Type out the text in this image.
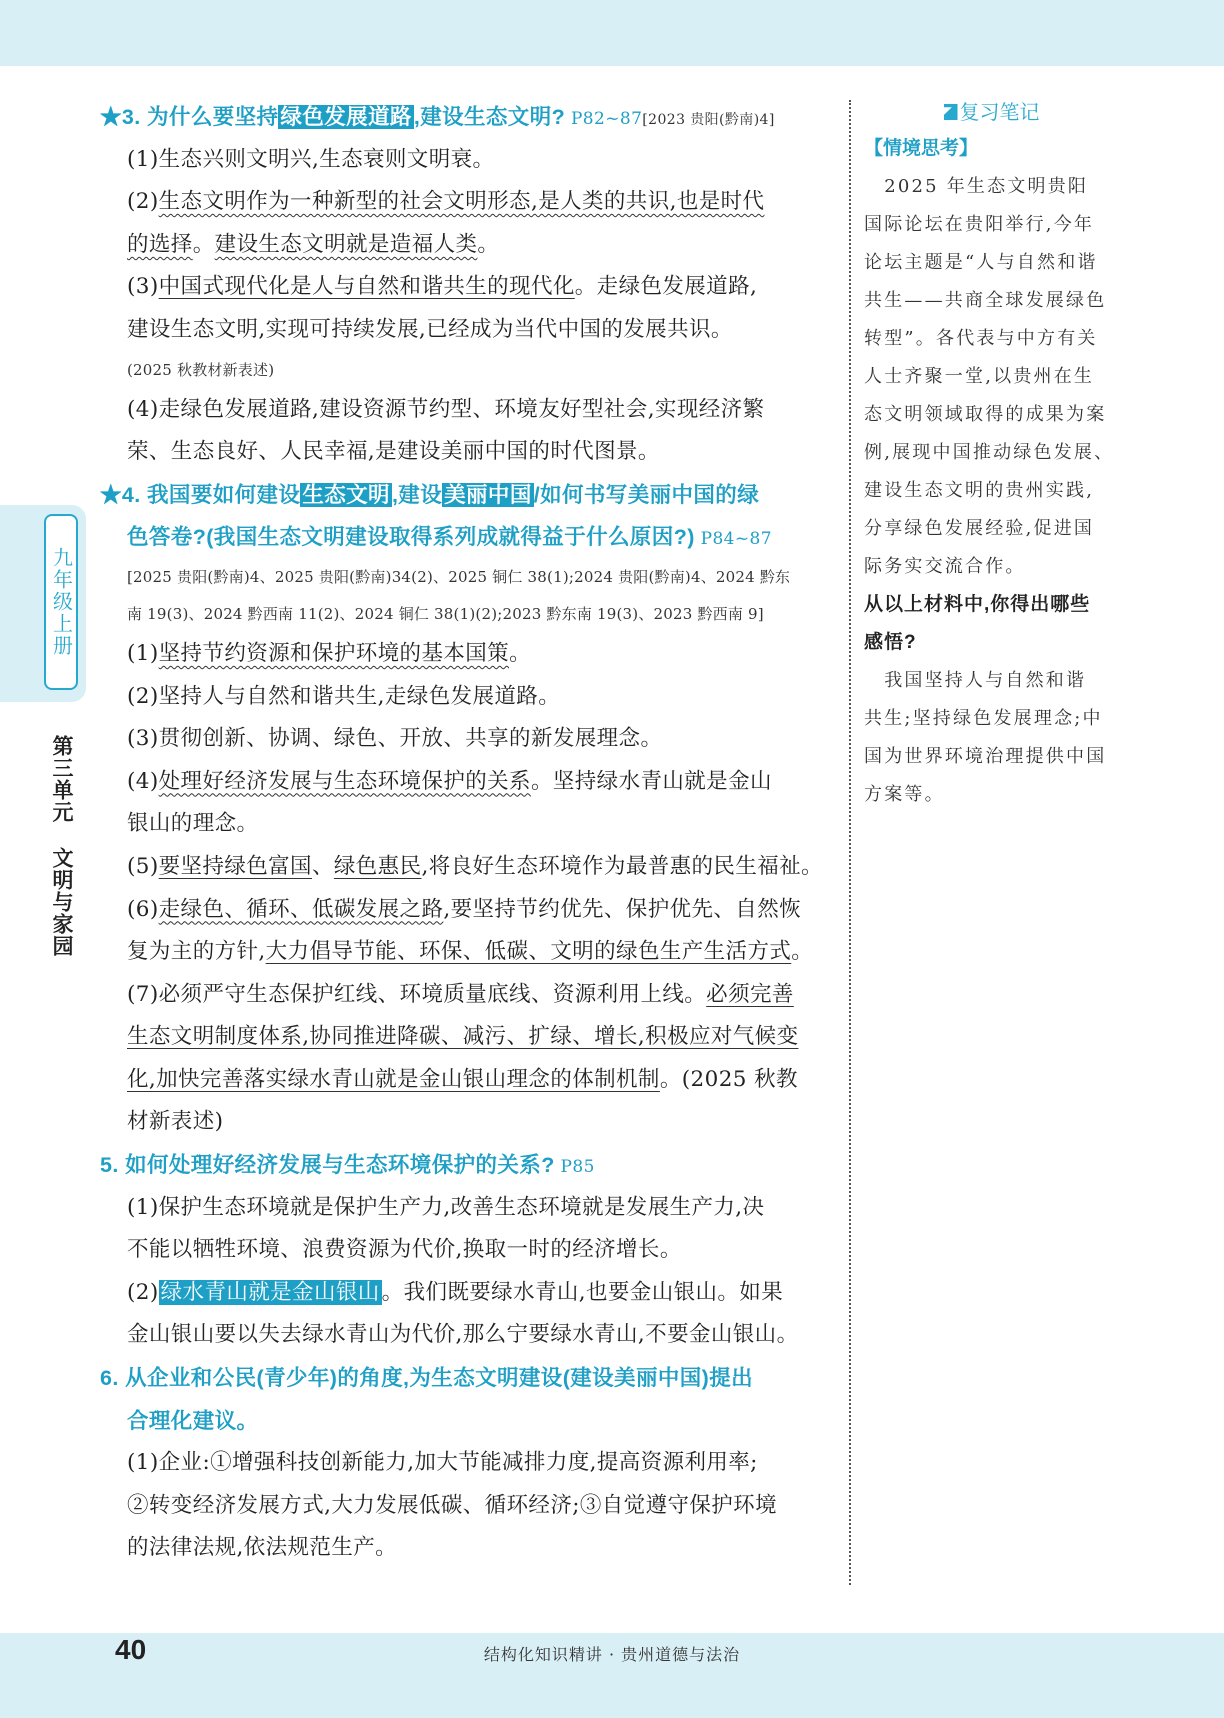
九年级上册
第三单元 文明与家园
★3. 为什么要坚持绿色发展道路,建设生态文明? P82~87[2023 贵阳(黔南)4]
(1)生态兴则文明兴,生态衰则文明衰。
(2)生态文明作为一种新型的社会文明形态,是人类的共识,也是时代
的选择。建设生态文明就是造福人类。
(3)中国式现代化是人与自然和谐共生的现代化。走绿色发展道路,
建设生态文明,实现可持续发展,已经成为当代中国的发展共识。
(2025 秋教材新表述)
(4)走绿色发展道路,建设资源节约型、环境友好型社会,实现经济繁
荣、生态良好、人民幸福,是建设美丽中国的时代图景。
★4. 我国要如何建设生态文明,建设美丽中国/如何书写美丽中国的绿
色答卷?(我国生态文明建设取得系列成就得益于什么原因?) P84~87
[2025 贵阳(黔南)4、2025 贵阳(黔南)34(2)、2025 铜仁 38(1);2024 贵阳(黔南)4、2024 黔东
南 19(3)、2024 黔西南 11(2)、2024 铜仁 38(1)(2);2023 黔东南 19(3)、2023 黔西南 9]
(1)坚持节约资源和保护环境的基本国策。
(2)坚持人与自然和谐共生,走绿色发展道路。
(3)贯彻创新、协调、绿色、开放、共享的新发展理念。
(4)处理好经济发展与生态环境保护的关系。坚持绿水青山就是金山
银山的理念。
(5)要坚持绿色富国、绿色惠民,将良好生态环境作为最普惠的民生福祉。
(6)走绿色、循环、低碳发展之路,要坚持节约优先、保护优先、自然恢
复为主的方针,大力倡导节能、环保、低碳、文明的绿色生产生活方式。
(7)必须严守生态保护红线、环境质量底线、资源利用上线。必须完善
生态文明制度体系,协同推进降碳、减污、扩绿、增长,积极应对气候变
化,加快完善落实绿水青山就是金山银山理念的体制机制。(2025 秋教
材新表述)
5. 如何处理好经济发展与生态环境保护的关系? P85
(1)保护生态环境就是保护生产力,改善生态环境就是发展生产力,决
不能以牺牲环境、浪费资源为代价,换取一时的经济增长。
(2)绿水青山就是金山银山。我们既要绿水青山,也要金山银山。如果
金山银山要以失去绿水青山为代价,那么宁要绿水青山,不要金山银山。
6. 从企业和公民(青少年)的角度,为生态文明建设(建设美丽中国)提出
合理化建议。
(1)企业:①增强科技创新能力,加大节能减排力度,提高资源利用率;
②转变经济发展方式,大力发展低碳、循环经济;③自觉遵守保护环境
的法律法规,依法规范生产。
复习笔记
【情境思考】
　2025 年生态文明贵阳
国际论坛在贵阳举行,今年
论坛主题是“人与自然和谐
共生——共商全球发展绿色
转型”。各代表与中方有关
人士齐聚一堂,以贵州在生
态文明领域取得的成果为案
例,展现中国推动绿色发展、
建设生态文明的贵州实践,
分享绿色发展经验,促进国
际务实交流合作。
从以上材料中,你得出哪些
感悟?
　我国坚持人与自然和谐
共生;坚持绿色发展理念;中
国为世界环境治理提供中国
方案等。
40	结构化知识精讲 · 贵州道德与法治
